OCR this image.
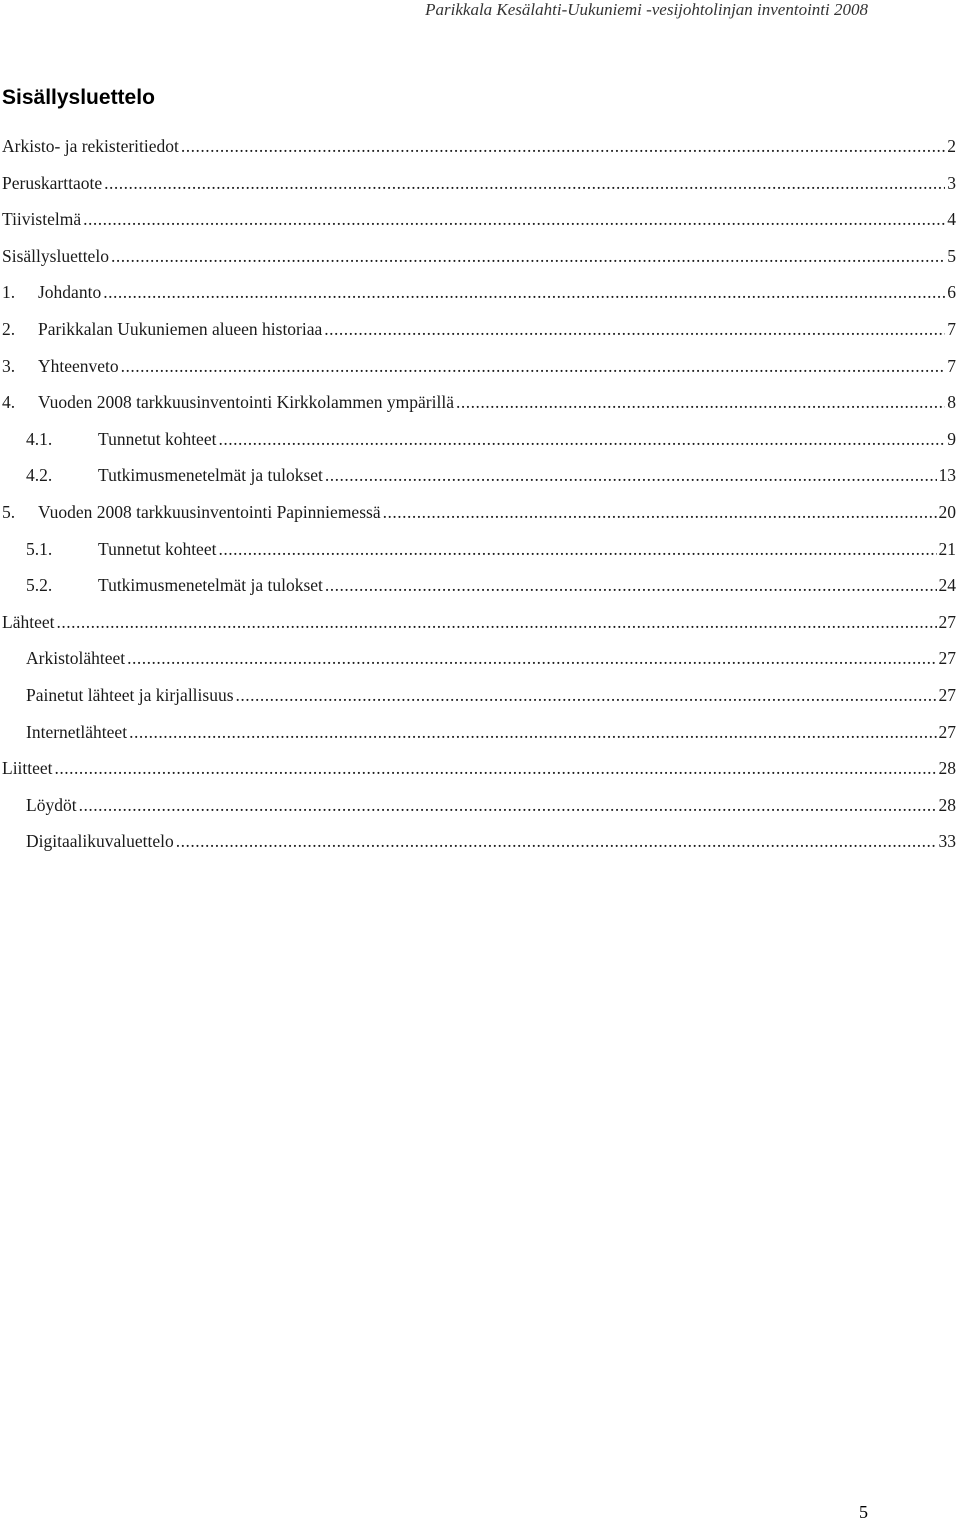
Parikkala Kesälahti-Uukuniemi -vesijohtolinjan inventointi 2008
Sisällysluettelo
Arkisto- ja rekisteritiedot .....	2
Peruskarttaote .....	3
Tiivistelmä .....	4
Sisällysluettelo .....	5
1.	Johdanto .....	6
2.	Parikkalan Uukuniemen alueen historiaa .....	7
3.	Yhteenveto .....	7
4.	Vuoden 2008 tarkkuusinventointi Kirkkolammen ympärillä .....	8
4.1.	Tunnetut kohteet .....	9
4.2.	Tutkimusmenetelmät ja tulokset .....	13
5.	Vuoden 2008 tarkkuusinventointi Papinniemessä .....	20
5.1.	Tunnetut kohteet .....	21
5.2.	Tutkimusmenetelmät ja tulokset .....	24
Lähteet .....	27
Arkistolähteet .....	27
Painetut lähteet ja kirjallisuus .....	27
Internetlähteet .....	27
Liitteet .....	28
Löydöt .....	28
Digitaalikuvaluettelo .....	33
5
